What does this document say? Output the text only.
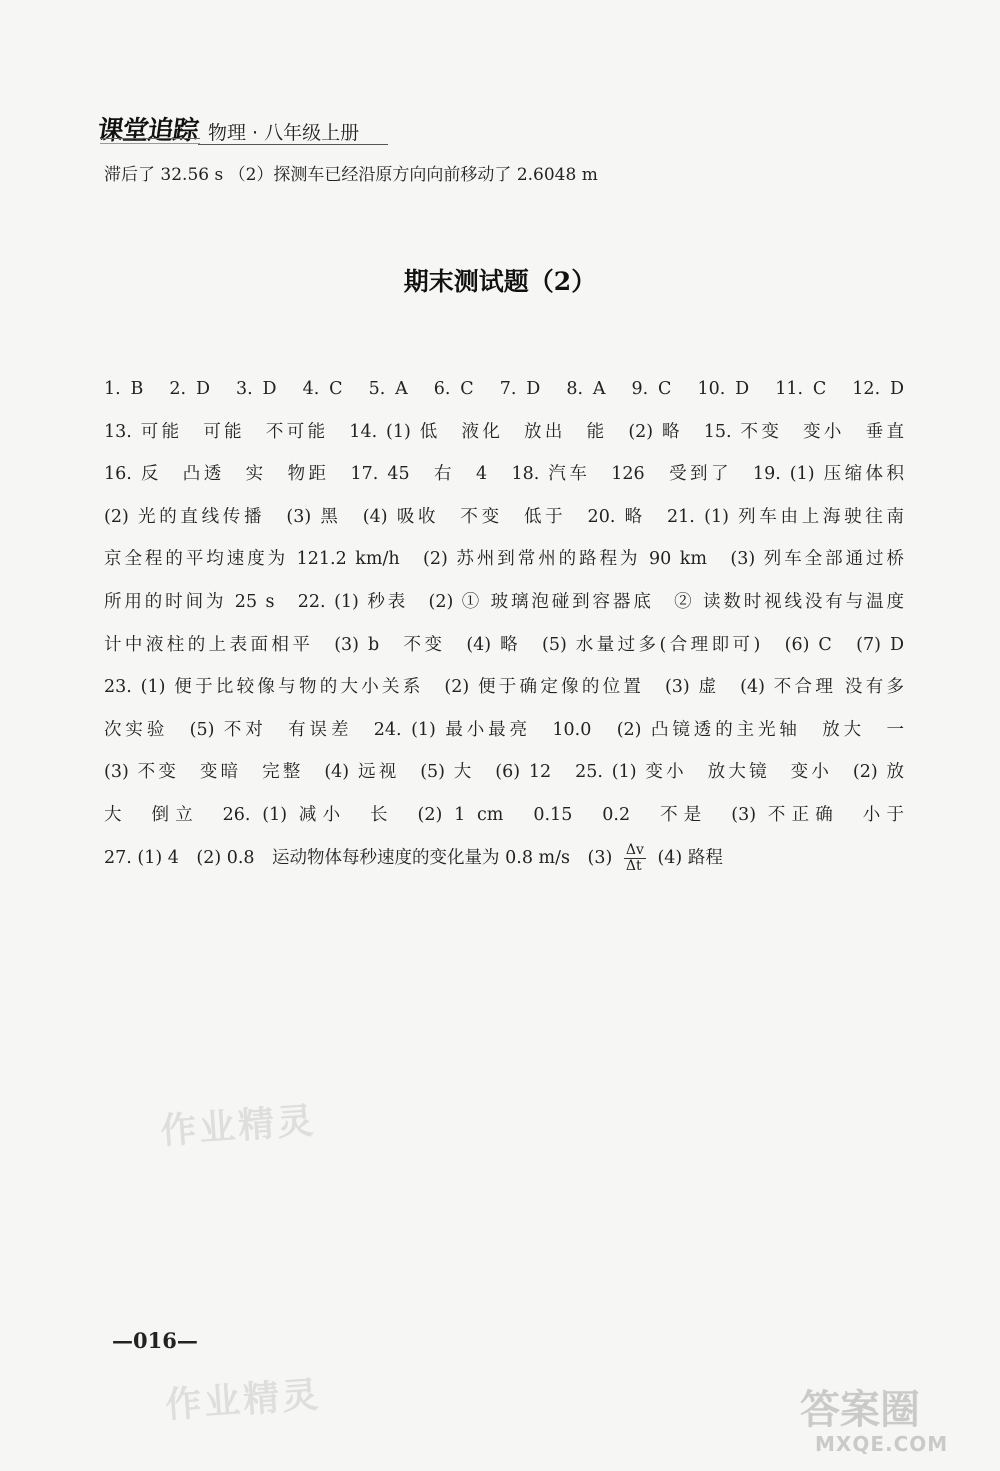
课堂追踪 物理 · 八年级上册
滞后了 32.56 s （2）探测车已经沿原方向向前移动了 2.6048 m
期末测试题（2）
1. B　2. D　3. D　4. C　5. A　6. C　7. D　8. A　9. C　10. D　11. C　12. D
13. 可能　可能　不可能　14. (1) 低　液化　放出　能　(2) 略　15. 不变　变小　垂直
16. 反　凸透　实　物距　17. 45　右　4　18. 汽车　126　受到了　19. (1) 压缩体积
(2) 光的直线传播　(3) 黑　(4) 吸收　不变　低于　20. 略　21. (1) 列车由上海驶往南
京全程的平均速度为 121.2 km/h　(2) 苏州到常州的路程为 90 km　(3) 列车全部通过桥
所用的时间为 25 s　22. (1) 秒表　(2) ① 玻璃泡碰到容器底　② 读数时视线没有与温度
计中液柱的上表面相平　(3) b　不变　(4) 略　(5) 水量过多(合理即可)　(6) C　(7) D
23. (1) 便于比较像与物的大小关系　(2) 便于确定像的位置　(3) 虚　(4) 不合理 没有多
次实验　(5) 不对　有误差　24. (1) 最小最亮　10.0　(2) 凸镜透的主光轴　放大　一
(3) 不变　变暗　完整　(4) 远视　(5) 大　(6) 12　25. (1) 变小　放大镜　变小　(2) 放
大　倒立　26. (1) 减小　长　(2) 1 cm　0.15　0.2　不是　(3) 不正确　小于
27. (1) 4　(2) 0.8　运动物体每秒速度的变化量为 0.8 m/s　$(3) \frac{\Delta v}{\Delta t} (4)$ 路程
作业精灵
作业精灵
—016—
答案圈
MXQE.COM
